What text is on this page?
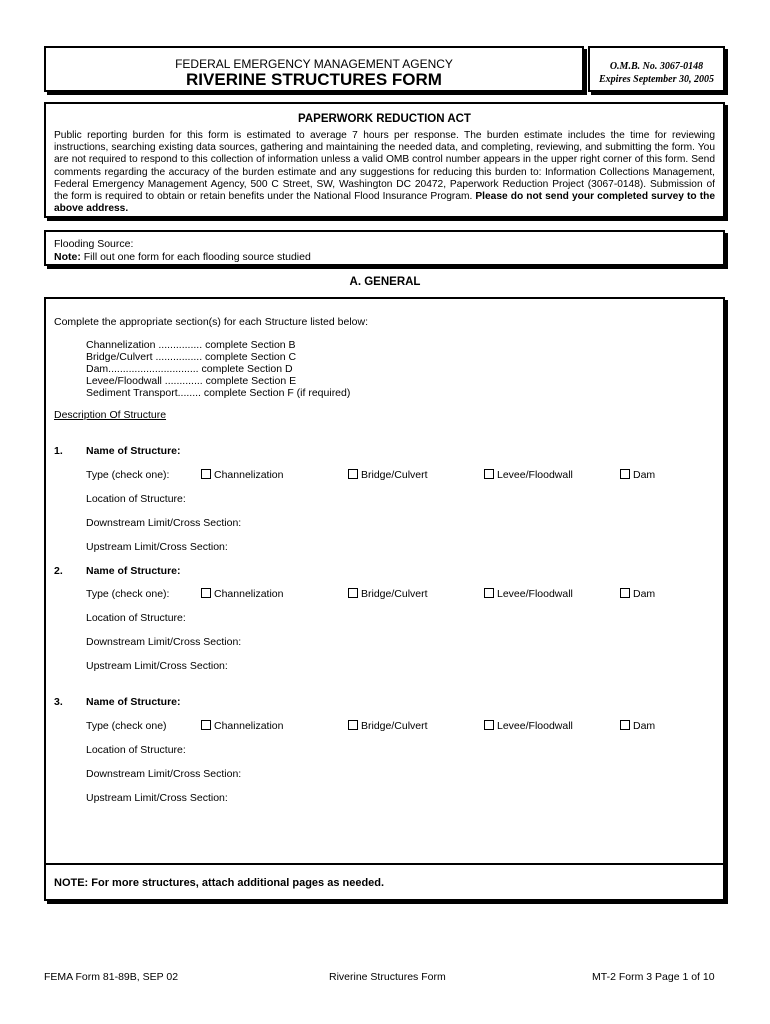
FEDERAL EMERGENCY MANAGEMENT AGENCY
RIVERINE STRUCTURES FORM
O.M.B. No. 3067-0148
Expires September 30, 2005
PAPERWORK REDUCTION ACT
Public reporting burden for this form is estimated to average 7 hours per response. The burden estimate includes the time for reviewing instructions, searching existing data sources, gathering and maintaining the needed data, and completing, reviewing, and submitting the form. You are not required to respond to this collection of information unless a valid OMB control number appears in the upper right corner of this form. Send comments regarding the accuracy of the burden estimate and any suggestions for reducing this burden to: Information Collections Management, Federal Emergency Management Agency, 500 C Street, SW, Washington DC 20472, Paperwork Reduction Project (3067-0148). Submission of the form is required to obtain or retain benefits under the National Flood Insurance Program. Please do not send your completed survey to the above address.
Flooding Source:
Note: Fill out one form for each flooding source studied
A. GENERAL
Complete the appropriate section(s) for each Structure listed below:
Channelization ............... complete Section B
Bridge/Culvert ................ complete Section C
Dam............................... complete Section D
Levee/Floodwall ............. complete Section E
Sediment Transport........ complete Section F (if required)
Description Of Structure
1. Name of Structure:
Type (check one):	Channelization	Bridge/Culvert	Levee/Floodwall	Dam
Location of Structure:
Downstream Limit/Cross Section:
Upstream Limit/Cross Section:
2. Name of Structure:
Type (check one):	Channelization	Bridge/Culvert	Levee/Floodwall	Dam
Location of Structure:
Downstream Limit/Cross Section:
Upstream Limit/Cross Section:
3. Name of Structure:
Type (check one)	Channelization	Bridge/Culvert	Levee/Floodwall	Dam
Location of Structure:
Downstream Limit/Cross Section:
Upstream Limit/Cross Section:
NOTE: For more structures, attach additional pages as needed.
FEMA Form 81-89B, SEP 02	Riverine Structures Form	MT-2 Form 3 Page 1 of 10
